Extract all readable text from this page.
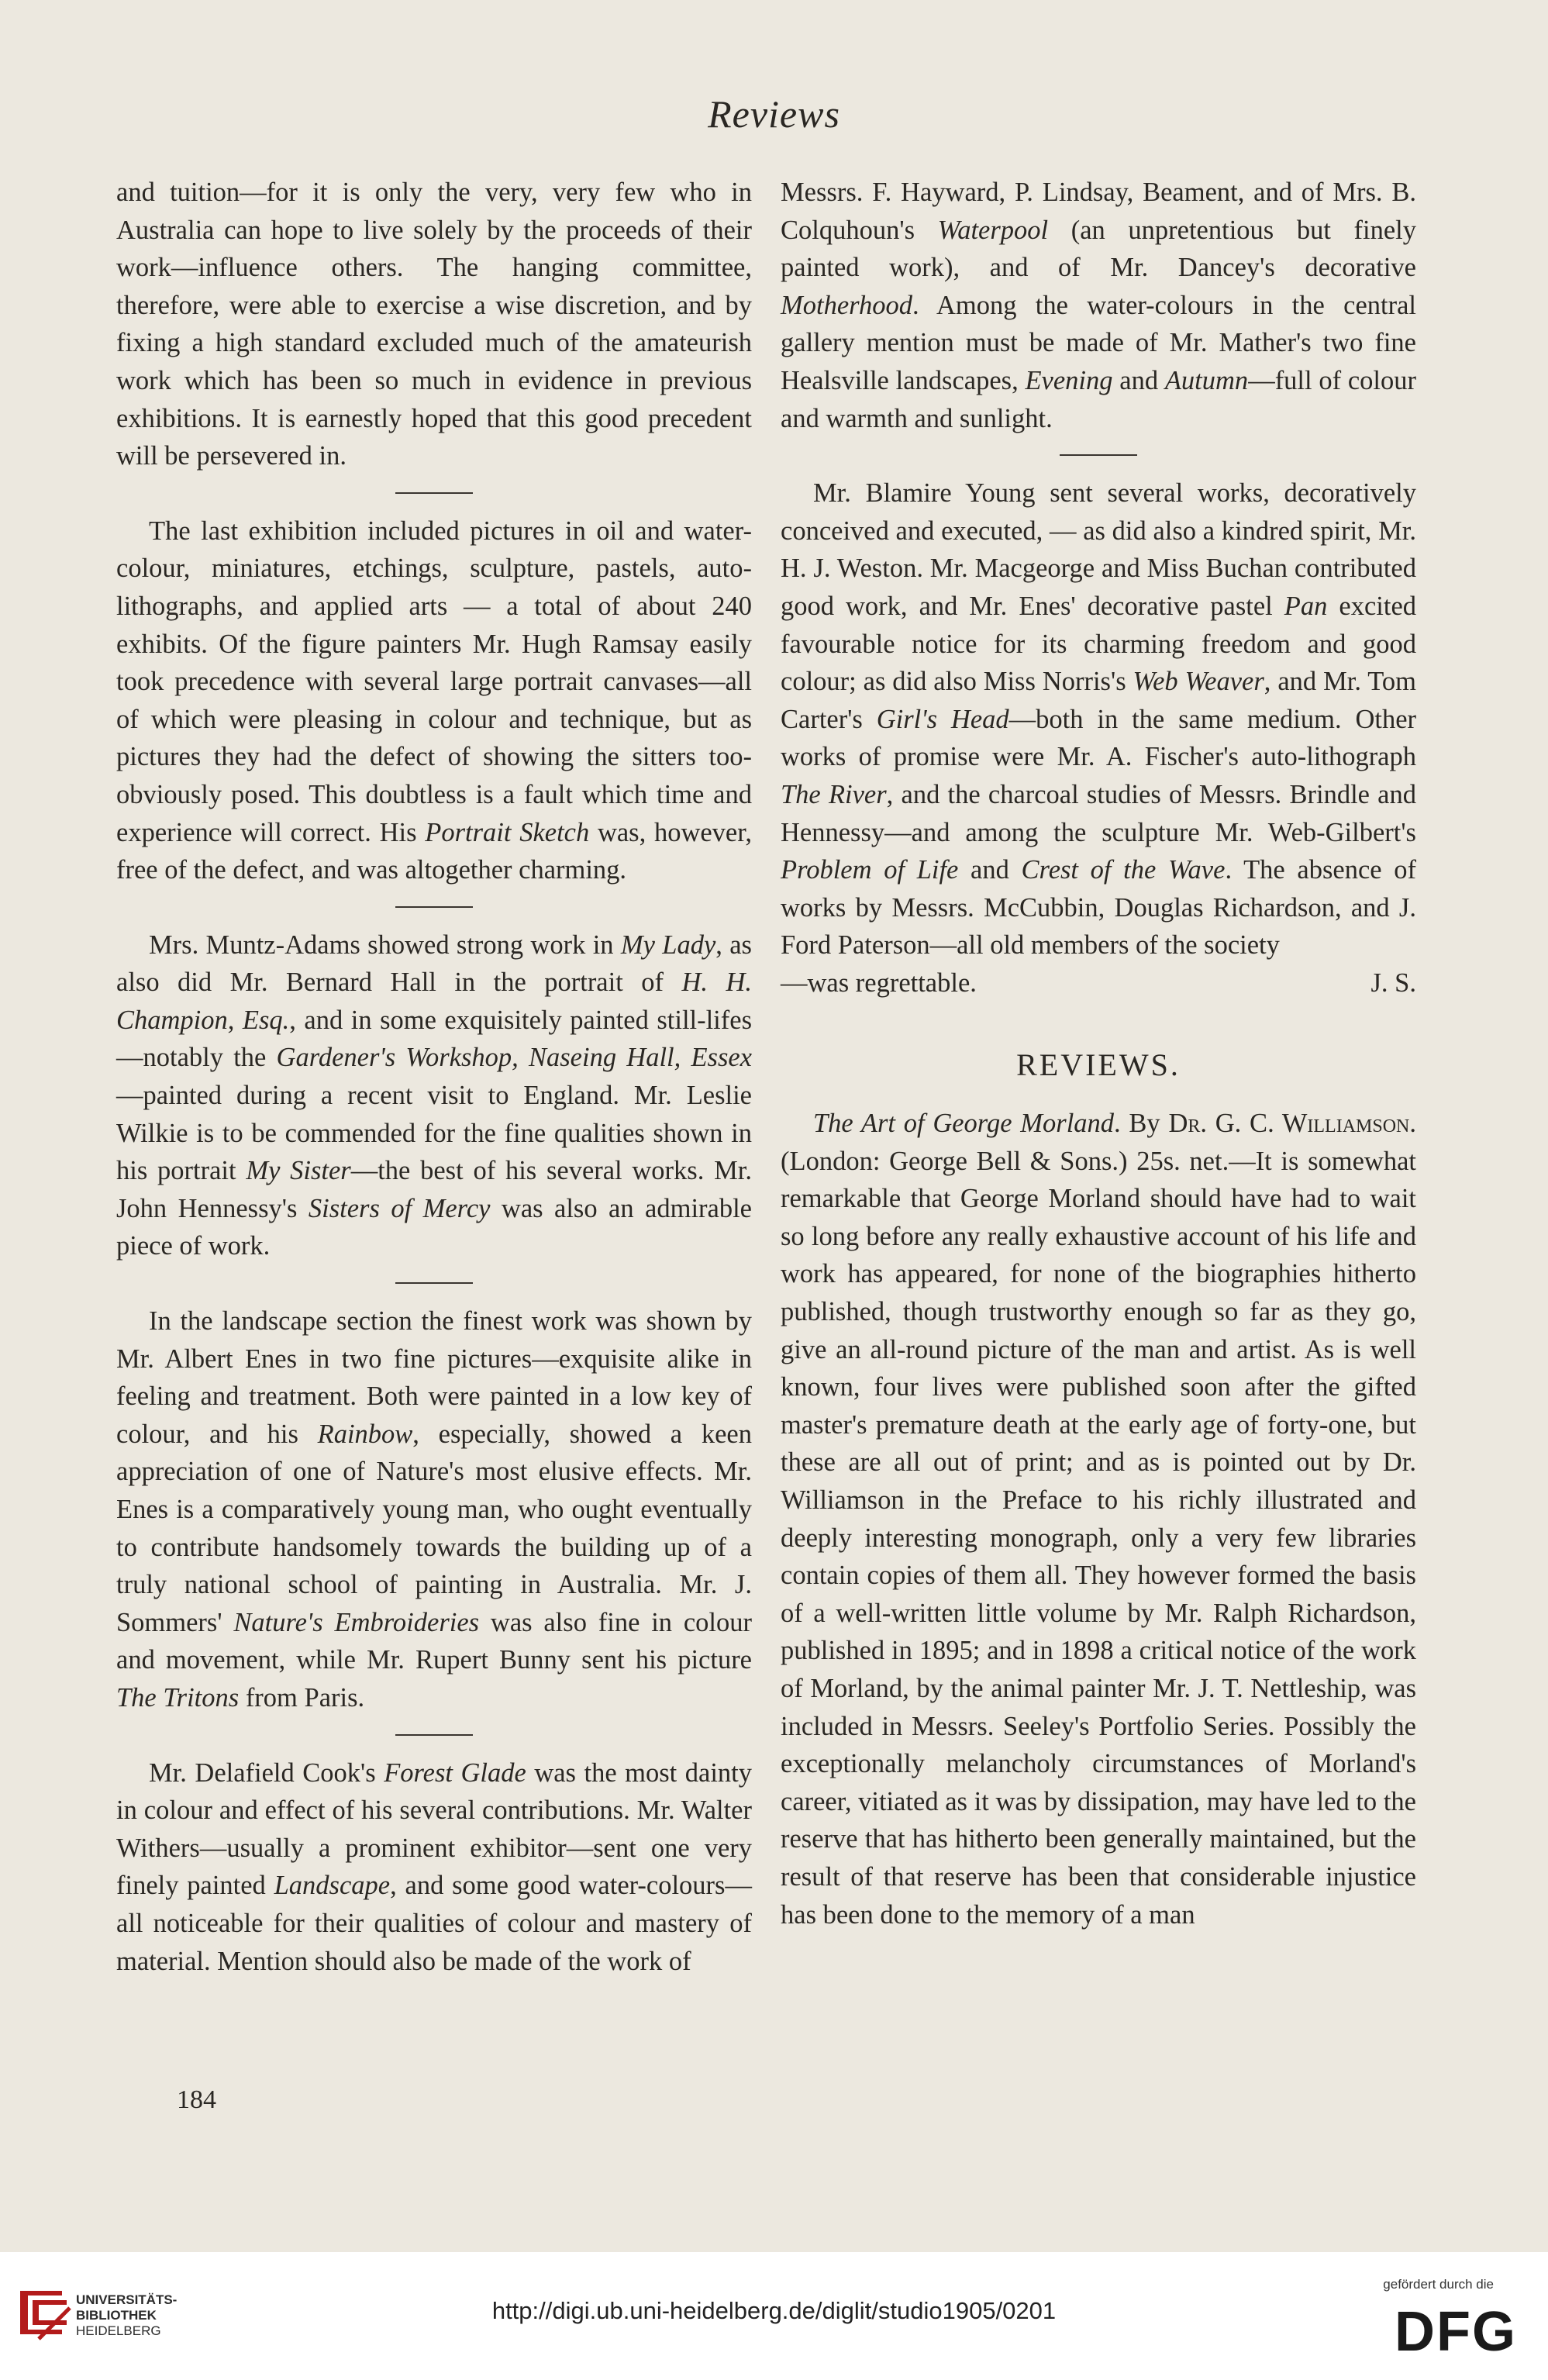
Reviews

and tuition—for it is only the very, very few who in Australia can hope to live solely by the proceeds of their work—influence others. The hanging committee, therefore, were able to exercise a wise discretion, and by fixing a high standard excluded much of the amateurish work which has been so much in evidence in previous exhibitions. It is earnestly hoped that this good precedent will be persevered in.

The last exhibition included pictures in oil and water-colour, miniatures, etchings, sculpture, pastels, auto-lithographs, and applied arts — a total of about 240 exhibits. Of the figure painters Mr. Hugh Ramsay easily took precedence with several large portrait canvases—all of which were pleasing in colour and technique, but as pictures they had the defect of showing the sitters too-obviously posed. This doubtless is a fault which time and experience will correct. His Portrait Sketch was, however, free of the defect, and was altogether charming.

Mrs. Muntz-Adams showed strong work in My Lady, as also did Mr. Bernard Hall in the portrait of H. H. Champion, Esq., and in some exquisitely painted still-lifes—notably the Gardener's Workshop, Naseing Hall, Essex —painted during a recent visit to England. Mr. Leslie Wilkie is to be commended for the fine qualities shown in his portrait My Sister—the best of his several works. Mr. John Hennessy's Sisters of Mercy was also an admirable piece of work.

In the landscape section the finest work was shown by Mr. Albert Enes in two fine pictures—exquisite alike in feeling and treatment. Both were painted in a low key of colour, and his Rainbow, especially, showed a keen appreciation of one of Nature's most elusive effects. Mr. Enes is a comparatively young man, who ought eventually to contribute handsomely towards the building up of a truly national school of painting in Australia. Mr. J. Sommers' Nature's Embroideries was also fine in colour and movement, while Mr. Rupert Bunny sent his picture The Tritons from Paris.

Mr. Delafield Cook's Forest Glade was the most dainty in colour and effect of his several contributions. Mr. Walter Withers—usually a prominent exhibitor—sent one very finely painted Landscape, and some good water-colours—all noticeable for their qualities of colour and mastery of material. Mention should also be made of the work of

Messrs. F. Hayward, P. Lindsay, Beament, and of Mrs. B. Colquhoun's Waterpool (an unpretentious but finely painted work), and of Mr. Dancey's decorative Motherhood. Among the water-colours in the central gallery mention must be made of Mr. Mather's two fine Healsville landscapes, Evening and Autumn—full of colour and warmth and sunlight.

Mr. Blamire Young sent several works, decoratively conceived and executed, — as did also a kindred spirit, Mr. H. J. Weston. Mr. Macgeorge and Miss Buchan contributed good work, and Mr. Enes' decorative pastel Pan excited favourable notice for its charming freedom and good colour; as did also Miss Norris's Web Weaver, and Mr. Tom Carter's Girl's Head—both in the same medium. Other works of promise were Mr. A. Fischer's auto-lithograph The River, and the charcoal studies of Messrs. Brindle and Hennessy—and among the sculpture Mr. Web-Gilbert's Problem of Life and Crest of the Wave. The absence of works by Messrs. McCubbin, Douglas Richardson, and J. Ford Paterson—all old members of the society

—was regrettable.	J. S.
REVIEWS.

The Art of George Morland. By Dr. G. C. Williamson. (London: George Bell & Sons.) 25s. net.—It is somewhat remarkable that George Morland should have had to wait so long before any really exhaustive account of his life and work has appeared, for none of the biographies hitherto published, though trustworthy enough so far as they go, give an all-round picture of the man and artist. As is well known, four lives were published soon after the gifted master's premature death at the early age of forty-one, but these are all out of print; and as is pointed out by Dr. Williamson in the Preface to his richly illustrated and deeply interesting monograph, only a very few libraries contain copies of them all. They however formed the basis of a well-written little volume by Mr. Ralph Richardson, published in 1895; and in 1898 a critical notice of the work of Morland, by the animal painter Mr. J. T. Nettleship, was included in Messrs. Seeley's Portfolio Series. Possibly the exceptionally melancholy circumstances of Morland's career, vitiated as it was by dissipation, may have led to the reserve that has hitherto been generally maintained, but the result of that reserve has been that considerable injustice has been done to the memory of a man

184
UNIVERSITÄTS-
BIBLIOTHEK
HEIDELBERG
http://digi.ub.uni-heidelberg.de/diglit/studio1905/0201
gefördert durch die
DFG
